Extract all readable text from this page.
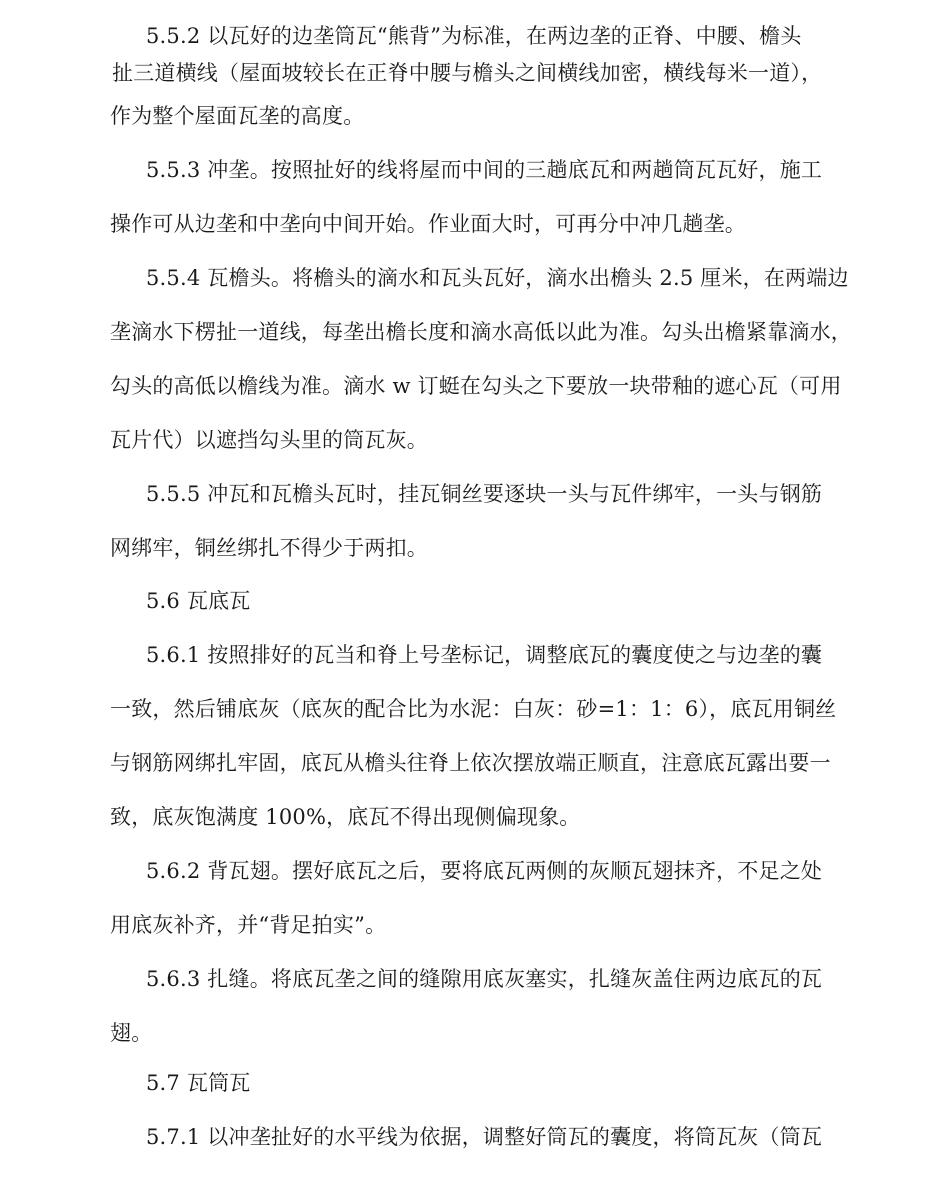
5.5.2 以瓦好的边垄筒瓦“熊背”为标准，在两边垄的正脊、中腰、檐头
扯三道横线（屋面坡较长在正脊中腰与檐头之间横线加密，横线每米一道），
作为整个屋面瓦垄的高度。
5.5.3 冲垄。按照扯好的线将屋而中间的三趟底瓦和两趟筒瓦瓦好，施工
操作可从边垄和中垄向中间开始。作业面大时，可再分中冲几趟垄。
5.5.4 瓦檐头。将檐头的滴水和瓦头瓦好，滴水出檐头 2.5 厘米，在两端边
垄滴水下楞扯一道线，每垄出檐长度和滴水高低以此为准。勾头出檐紧靠滴水，
勾头的高低以檐线为准。滴水 w 订蜓在勾头之下要放一块带釉的遮心瓦（可用
瓦片代）以遮挡勾头里的筒瓦灰。
5.5.5 冲瓦和瓦檐头瓦时，挂瓦铜丝要逐块一头与瓦件绑牢，一头与钢筋
网绑牢，铜丝绑扎不得少于两扣。
5.6 瓦底瓦
5.6.1 按照排好的瓦当和脊上号垄标记，调整底瓦的囊度使之与边垄的囊
一致，然后铺底灰（底灰的配合比为水泥：白灰：砂=1：1：6），底瓦用铜丝
与钢筋网绑扎牢固，底瓦从檐头往脊上依次摆放端正顺直，注意底瓦露出要一
致，底灰饱满度 100%，底瓦不得出现侧偏现象。
5.6.2 背瓦翅。摆好底瓦之后，要将底瓦两侧的灰顺瓦翅抹齐，不足之处
用底灰补齐，并“背足拍实”。
5.6.3 扎缝。将底瓦垄之间的缝隙用底灰塞实，扎缝灰盖住两边底瓦的瓦
翅。
5.7 瓦筒瓦
5.7.1 以冲垄扯好的水平线为依据，调整好筒瓦的囊度，将筒瓦灰（筒瓦
